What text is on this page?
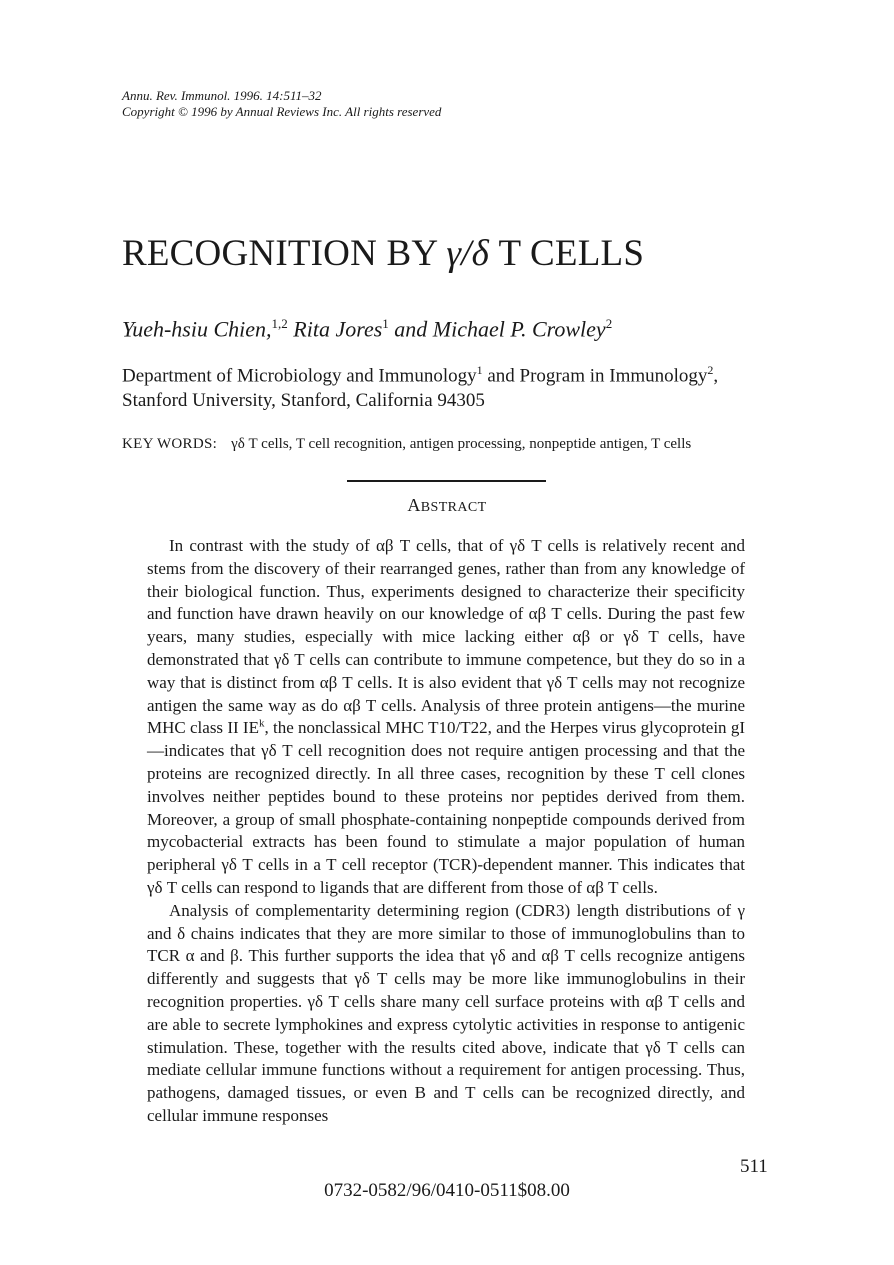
Annu. Rev. Immunol. 1996. 14:511–32
Copyright © 1996 by Annual Reviews Inc. All rights reserved
RECOGNITION BY γ/δ T CELLS
Yueh-hsiu Chien,$^{1,2}$ Rita Jores$^1$ and Michael P. Crowley$^2$
Department of Microbiology and Immunology$^1$ and Program in Immunology$^2$, Stanford University, Stanford, California 94305
KEY WORDS: γδ T cells, T cell recognition, antigen processing, nonpeptide antigen, T cells
ABSTRACT

In contrast with the study of αβ T cells, that of γδ T cells is relatively recent and stems from the discovery of their rearranged genes, rather than from any knowledge of their biological function. Thus, experiments designed to characterize their specificity and function have drawn heavily on our knowledge of αβ T cells. During the past few years, many studies, especially with mice lacking either αβ or γδ T cells, have demonstrated that γδ T cells can contribute to immune competence, but they do so in a way that is distinct from αβ T cells. It is also evident that γδ T cells may not recognize antigen the same way as do αβ T cells. Analysis of three protein antigens—the murine MHC class II $IE^k$, the nonclassical MHC T10/T22, and the Herpes virus glycoprotein gI—indicates that γδ T cell recognition does not require antigen processing and that the proteins are recognized directly. In all three cases, recognition by these T cell clones involves neither peptides bound to these proteins nor peptides derived from them. Moreover, a group of small phosphate-containing nonpeptide compounds derived from mycobacterial extracts has been found to stimulate a major population of human peripheral γδ T cells in a T cell receptor (TCR)-dependent manner. This indicates that γδ T cells can respond to ligands that are different from those of αβ T cells.

Analysis of complementarity determining region (CDR3) length distributions of γ and δ chains indicates that they are more similar to those of immunoglobulins than to TCR α and β. This further supports the idea that γδ and αβ T cells recognize antigens differently and suggests that γδ T cells may be more like immunoglobulins in their recognition properties. γδ T cells share many cell surface proteins with αβ T cells and are able to secrete lymphokines and express cytolytic activities in response to antigenic stimulation. These, together with the results cited above, indicate that γδ T cells can mediate cellular immune functions without a requirement for antigen processing. Thus, pathogens, damaged tissues, or even B and T cells can be recognized directly, and cellular immune responses

511
0732-0582/96/0410-0511$08.00
